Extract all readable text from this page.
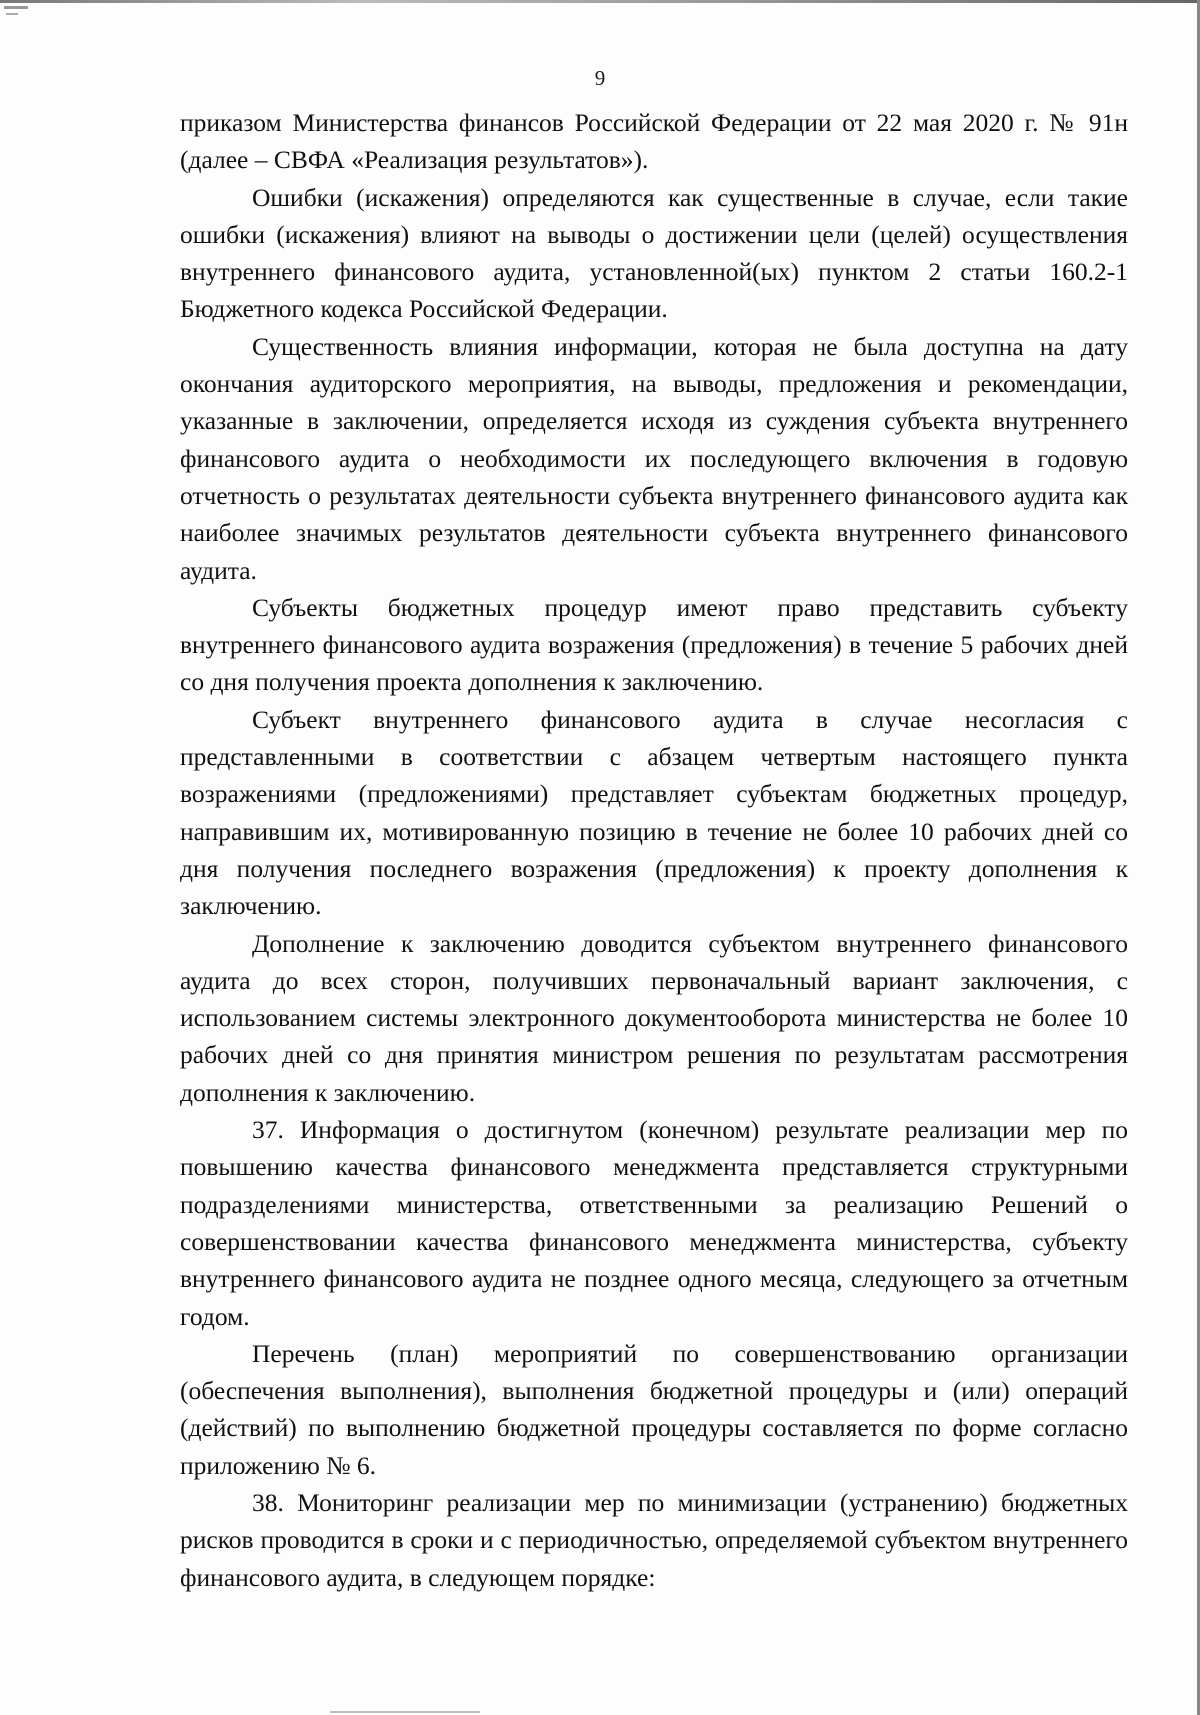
9

приказом Министерства финансов Российской Федерации от 22 мая 2020 г. № 91н (далее – СВФА «Реализация результатов»).

Ошибки (искажения) определяются как существенные в случае, если такие ошибки (искажения) влияют на выводы о достижении цели (целей) осуществления внутреннего финансового аудита, установленной(ых) пунктом 2 статьи 160.2-1 Бюджетного кодекса Российской Федерации.

Существенность влияния информации, которая не была доступна на дату окончания аудиторского мероприятия, на выводы, предложения и рекомендации, указанные в заключении, определяется исходя из суждения субъекта внутреннего финансового аудита о необходимости их последующего включения в годовую отчетность о результатах деятельности субъекта внутреннего финансового аудита как наиболее значимых результатов деятельности субъекта внутреннего финансового аудита.

Субъекты бюджетных процедур имеют право представить субъекту внутреннего финансового аудита возражения (предложения) в течение 5 рабочих дней со дня получения проекта дополнения к заключению.

Субъект внутреннего финансового аудита в случае несогласия с представленными в соответствии с абзацем четвертым настоящего пункта возражениями (предложениями) представляет субъектам бюджетных процедур, направившим их, мотивированную позицию в течение не более 10 рабочих дней со дня получения последнего возражения (предложения) к проекту дополнения к заключению.

Дополнение к заключению доводится субъектом внутреннего финансового аудита до всех сторон, получивших первоначальный вариант заключения, с использованием системы электронного документооборота министерства не более 10 рабочих дней со дня принятия министром решения по результатам рассмотрения дополнения к заключению.

37. Информация о достигнутом (конечном) результате реализации мер по повышению качества финансового менеджмента представляется структурными подразделениями министерства, ответственными за реализацию Решений о совершенствовании качества финансового менеджмента министерства, субъекту внутреннего финансового аудита не позднее одного месяца, следующего за отчетным годом.

Перечень (план) мероприятий по совершенствованию организации (обеспечения выполнения), выполнения бюджетной процедуры и (или) операций (действий) по выполнению бюджетной процедуры составляется по форме согласно приложению № 6.

38. Мониторинг реализации мер по минимизации (устранению) бюджетных рисков проводится в сроки и с периодичностью, определяемой субъектом внутреннего финансового аудита, в следующем порядке:
